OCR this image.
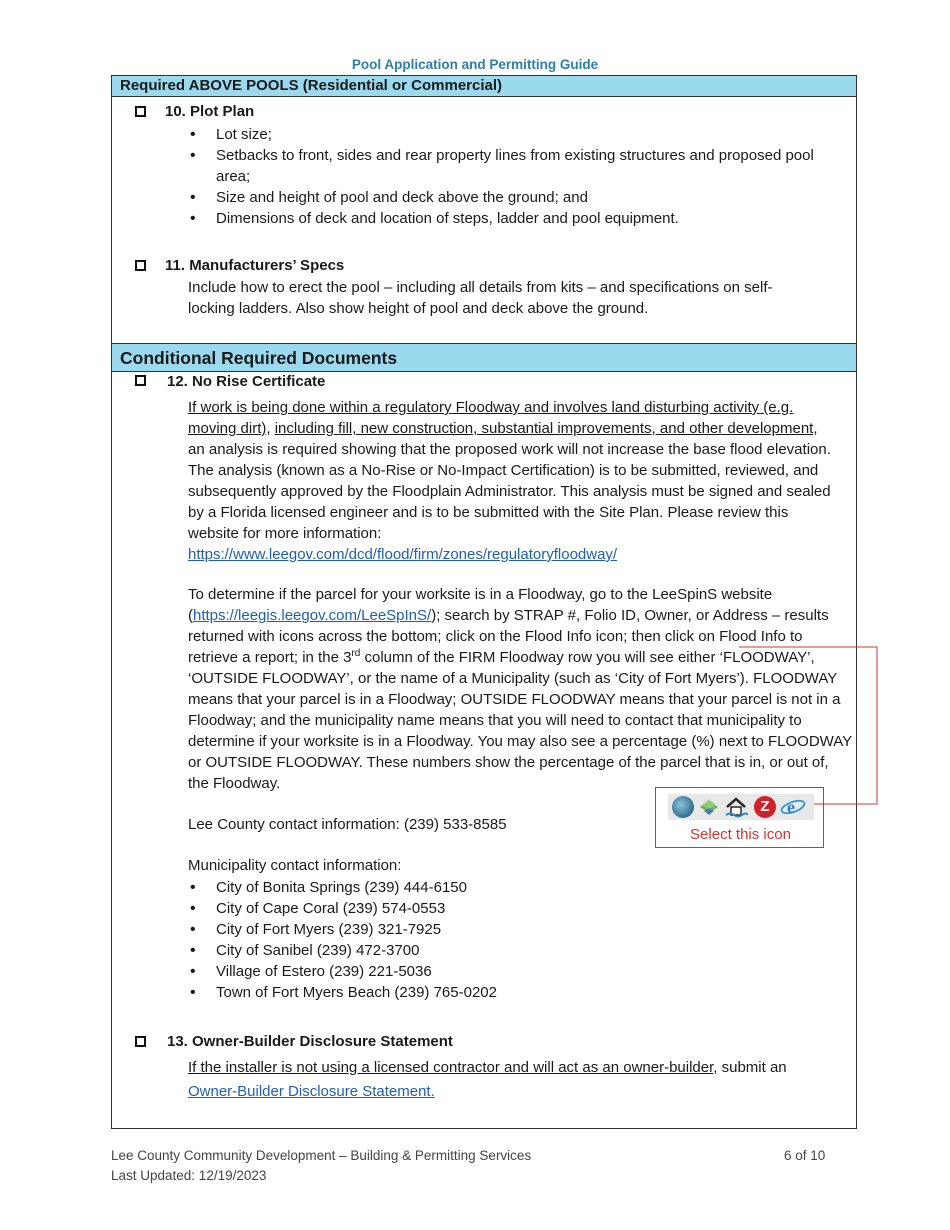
Pool Application and Permitting Guide
Required ABOVE POOLS (Residential or Commercial)
10. Plot Plan
• Lot size;
• Setbacks to front, sides and rear property lines from existing structures and proposed pool area;
• Size and height of pool and deck above the ground; and
• Dimensions of deck and location of steps, ladder and pool equipment.
11. Manufacturers’ Specs
Include how to erect the pool – including all details from kits – and specifications on self-locking ladders. Also show height of pool and deck above the ground.
Conditional Required Documents
12. No Rise Certificate
If work is being done within a regulatory Floodway and involves land disturbing activity (e.g. moving dirt), including fill, new construction, substantial improvements, and other development, an analysis is required showing that the proposed work will not increase the base flood elevation. The analysis (known as a No-Rise or No-Impact Certification) is to be submitted, reviewed, and subsequently approved by the Floodplain Administrator. This analysis must be signed and sealed by a Florida licensed engineer and is to be submitted with the Site Plan. Please review this website for more information:
https://www.leegov.com/dcd/flood/firm/zones/regulatoryfloodway/
To determine if the parcel for your worksite is in a Floodway, go to the LeeSpinS website (https://leegis.leegov.com/LeeSpInS/); search by STRAP #, Folio ID, Owner, or Address – results returned with icons across the bottom; click on the Flood Info icon; then click on Flood Info to retrieve a report; in the 3rd column of the FIRM Floodway row you will see either ‘FLOODWAY’, ‘OUTSIDE FLOODWAY’, or the name of a Municipality (such as ‘City of Fort Myers’). FLOODWAY means that your parcel is in a Floodway; OUTSIDE FLOODWAY means that your parcel is not in a Floodway; and the municipality name means that you will need to contact that municipality to determine if your worksite is in a Floodway. You may also see a percentage (%) next to FLOODWAY or OUTSIDE FLOODWAY. These numbers show the percentage of the parcel that is in, or out of, the Floodway.
Lee County contact information: (239) 533-8585
Municipality contact information:
• City of Bonita Springs (239) 444-6150
• City of Cape Coral (239) 574-0553
• City of Fort Myers (239) 321-7925
• City of Sanibel (239) 472-3700
• Village of Estero (239) 221-5036
• Town of Fort Myers Beach (239) 765-0202
Z e
Select this icon
13. Owner-Builder Disclosure Statement
If the installer is not using a licensed contractor and will act as an owner-builder, submit an
Owner-Builder Disclosure Statement.
Lee County Community Development – Building & Permitting Services
Last Updated: 12/19/2023
6 of 10
